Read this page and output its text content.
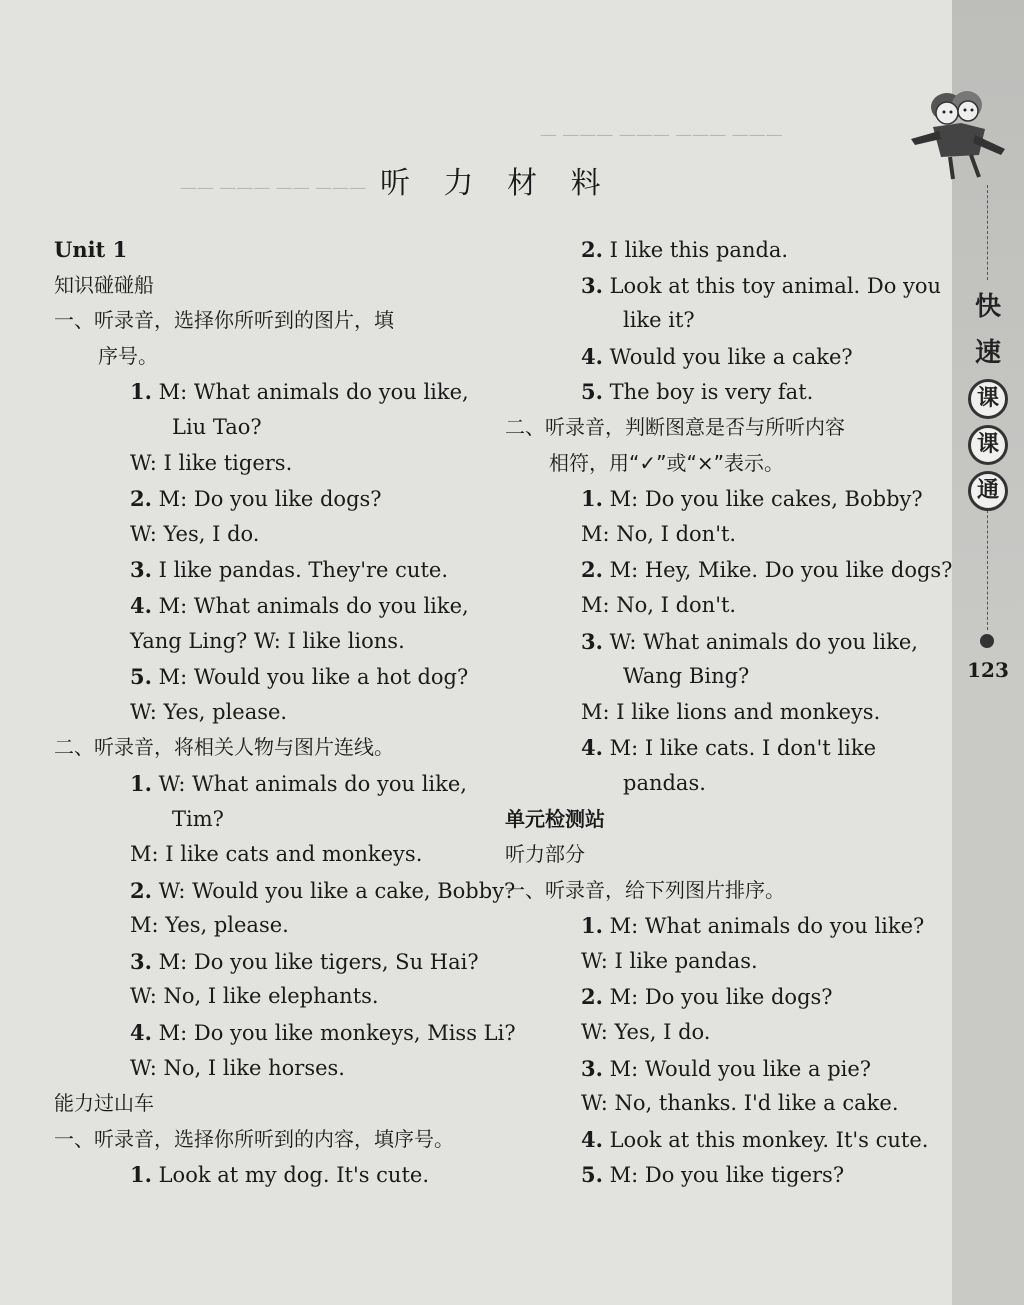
快
速
课
课
通
123
— ——— ——— ——— ———
—— ——— —— ——— 听 力 材 料
Unit 1
知识碰碰船
一、听录音，选择你所听到的图片，填
序号。
1. M: What animals do you like,
Liu Tao?
W: I like tigers.
2. M: Do you like dogs?
W: Yes, I do.
3. I like pandas. They're cute.
4. M: What animals do you like,
Yang Ling? W: I like lions.
5. M: Would you like a hot dog?
W: Yes, please.
二、听录音，将相关人物与图片连线。
1. W: What animals do you like,
Tim?
M: I like cats and monkeys.
2. W: Would you like a cake, Bobby?
M: Yes, please.
3. M: Do you like tigers, Su Hai?
W: No, I like elephants.
4. M: Do you like monkeys, Miss Li?
W: No, I like horses.
能力过山车
一、听录音，选择你所听到的内容，填序号。
1. Look at my dog. It's cute.
2. I like this panda.
3. Look at this toy animal. Do you
like it?
4. Would you like a cake?
5. The boy is very fat.
二、听录音，判断图意是否与所听内容
相符，用“✓”或“×”表示。
1. M: Do you like cakes, Bobby?
M: No, I don't.
2. M: Hey, Mike. Do you like dogs?
M: No, I don't.
3. W: What animals do you like,
Wang Bing?
M: I like lions and monkeys.
4. M: I like cats. I don't like
pandas.
单元检测站
听力部分
一、听录音，给下列图片排序。
1. M: What animals do you like?
W: I like pandas.
2. M: Do you like dogs?
W: Yes, I do.
3. M: Would you like a pie?
W: No, thanks. I'd like a cake.
4. Look at this monkey. It's cute.
5. M: Do you like tigers?
